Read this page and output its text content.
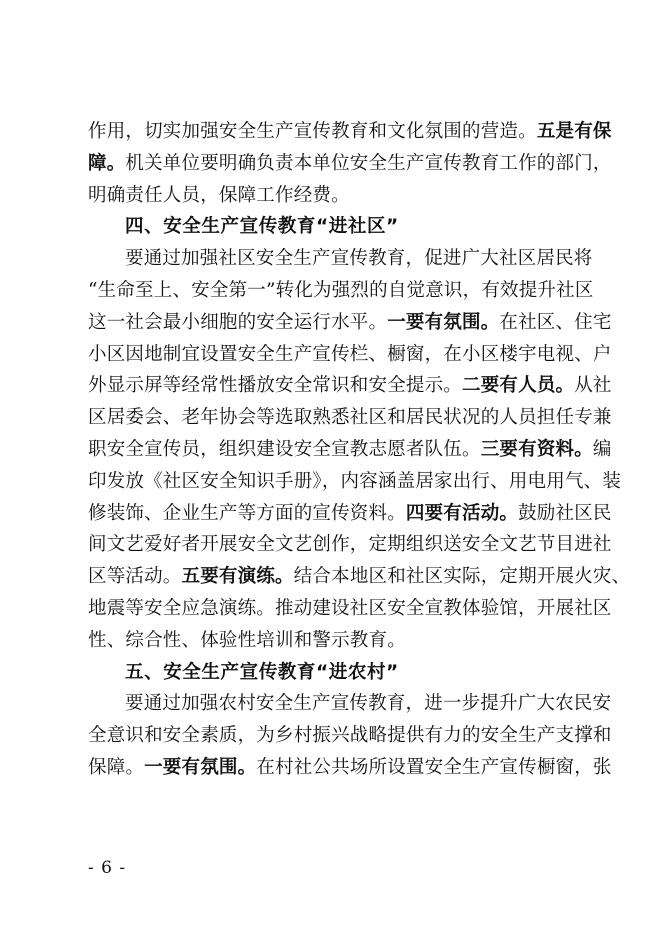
作用，切实加强安全生产宣传教育和文化氛围的营造。五是有保
障。机关单位要明确负责本单位安全生产宣传教育工作的部门，
明确责任人员，保障工作经费。
四、安全生产宣传教育“进社区”
要通过加强社区安全生产宣传教育，促进广大社区居民将
“生命至上、安全第一”转化为强烈的自觉意识，有效提升社区
这一社会最小细胞的安全运行水平。一要有氛围。在社区、住宅
小区因地制宜设置安全生产宣传栏、橱窗，在小区楼宇电视、户
外显示屏等经常性播放安全常识和安全提示。二要有人员。从社
区居委会、老年协会等选取熟悉社区和居民状况的人员担任专兼
职安全宣传员，组织建设安全宣教志愿者队伍。三要有资料。编
印发放《社区安全知识手册》，内容涵盖居家出行、用电用气、装
修装饰、企业生产等方面的宣传资料。四要有活动。鼓励社区民
间文艺爱好者开展安全文艺创作，定期组织送安全文艺节目进社
区等活动。五要有演练。结合本地区和社区实际，定期开展火灾、
地震等安全应急演练。推动建设社区安全宣教体验馆，开展社区
性、综合性、体验性培训和警示教育。
五、安全生产宣传教育“进农村”
要通过加强农村安全生产宣传教育，进一步提升广大农民安
全意识和安全素质，为乡村振兴战略提供有力的安全生产支撑和
保障。一要有氛围。在村社公共场所设置安全生产宣传橱窗，张
- 6 -
